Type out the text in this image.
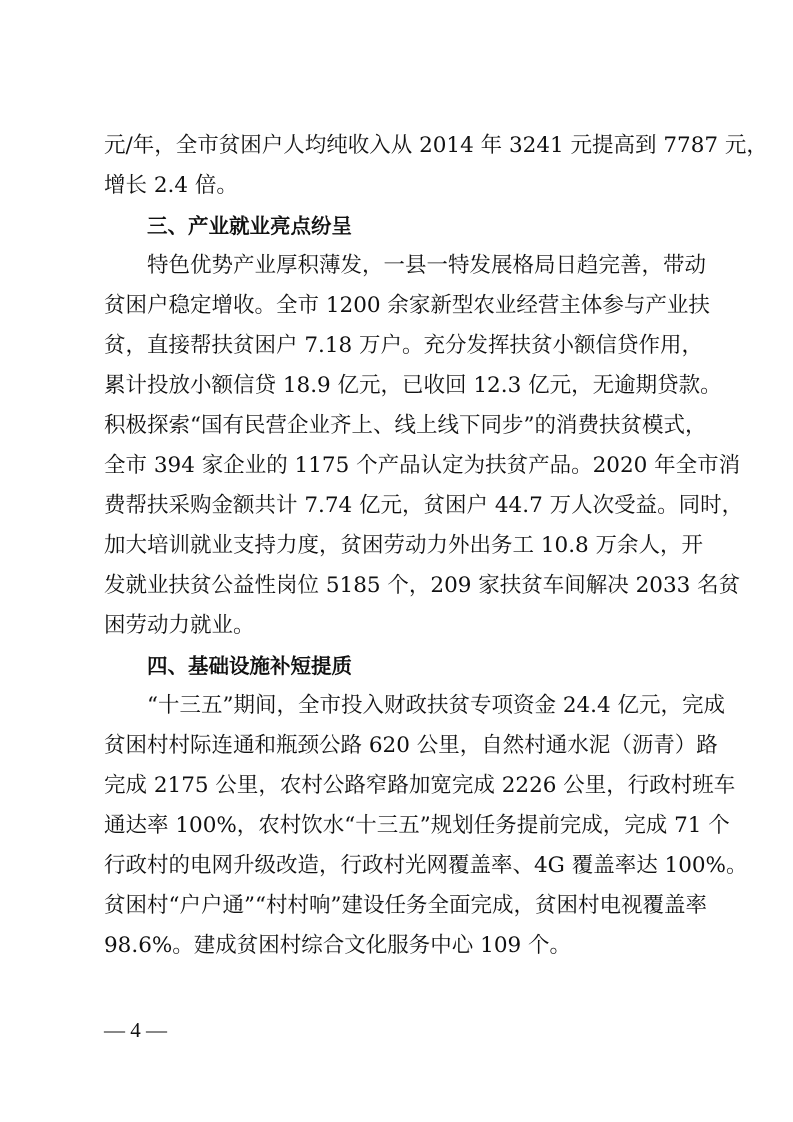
元/年，全市贫困户人均纯收入从 2014 年 3241 元提高到 7787 元，
增长 2.4 倍。
三、产业就业亮点纷呈
特色优势产业厚积薄发，一县一特发展格局日趋完善，带动
贫困户稳定增收。全市 1200 余家新型农业经营主体参与产业扶
贫，直接帮扶贫困户 7.18 万户。充分发挥扶贫小额信贷作用，
累计投放小额信贷 18.9 亿元，已收回 12.3 亿元，无逾期贷款。
积极探索“国有民营企业齐上、线上线下同步”的消费扶贫模式，
全市 394 家企业的 1175 个产品认定为扶贫产品。2020 年全市消
费帮扶采购金额共计 7.74 亿元，贫困户 44.7 万人次受益。同时，
加大培训就业支持力度，贫困劳动力外出务工 10.8 万余人，开
发就业扶贫公益性岗位 5185 个，209 家扶贫车间解决 2033 名贫
困劳动力就业。
四、基础设施补短提质
“十三五”期间，全市投入财政扶贫专项资金 24.4 亿元，完成
贫困村村际连通和瓶颈公路 620 公里，自然村通水泥（沥青）路
完成 2175 公里，农村公路窄路加宽完成 2226 公里，行政村班车
通达率 100%，农村饮水“十三五”规划任务提前完成，完成 71 个
行政村的电网升级改造，行政村光网覆盖率、4G 覆盖率达 100%。
贫困村“户户通”“村村响”建设任务全面完成，贫困村电视覆盖率
98.6%。建成贫困村综合文化服务中心 109 个。
— 4 —
